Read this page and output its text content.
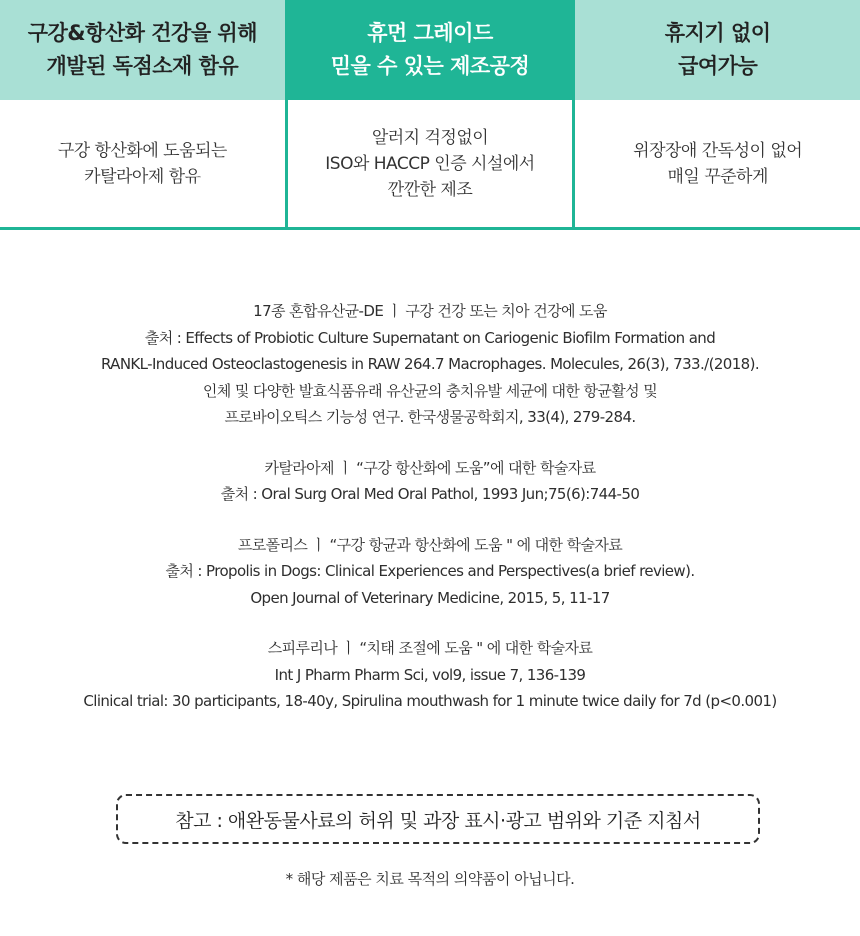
구강&항산화 건강을 위해
개발된 독점소재 함유
구강 항산화에 도움되는
카탈라아제 함유
휴먼 그레이드
믿을 수 있는 제조공정
알러지 걱정없이
ISO와 HACCP 인증 시설에서
깐깐한 제조
휴지기 없이
급여가능
위장장애 간독성이 없어
매일 꾸준하게
17종 혼합유산균-DE ㅣ 구강 건강 또는 치아 건강에 도움
출처 : Effects of Probiotic Culture Supernatant on Cariogenic Biofilm Formation and
RANKL-Induced Osteoclastogenesis in RAW 264.7 Macrophages. Molecules, 26(3), 733./(2018).
인체 및 다양한 발효식품유래 유산균의 충치유발 세균에 대한 항균활성 및
프로바이오틱스 기능성 연구. 한국생물공학회지, 33(4), 279-284.
카탈라아제 ㅣ “구강 항산화에 도움”에 대한 학술자료
출처 : Oral Surg Oral Med Oral Pathol, 1993 Jun;75(6):744-50
프로폴리스 ㅣ “구강 항균과 항산화에 도움 " 에 대한 학술자료
출처 : Propolis in Dogs: Clinical Experiences and Perspectives(a brief review).
Open Journal of Veterinary Medicine, 2015, 5, 11-17
스피루리나 ㅣ “치태 조절에 도움 " 에 대한 학술자료
Int J Pharm Pharm Sci, vol9, issue 7, 136-139
Clinical trial: 30 participants, 18-40y, Spirulina mouthwash for 1 minute twice daily for 7d (p<0.001)
참고 : 애완동물사료의 허위 및 과장 표시·광고 범위와 기준 지침서
* 해당 제품은 치료 목적의 의약품이 아닙니다.
